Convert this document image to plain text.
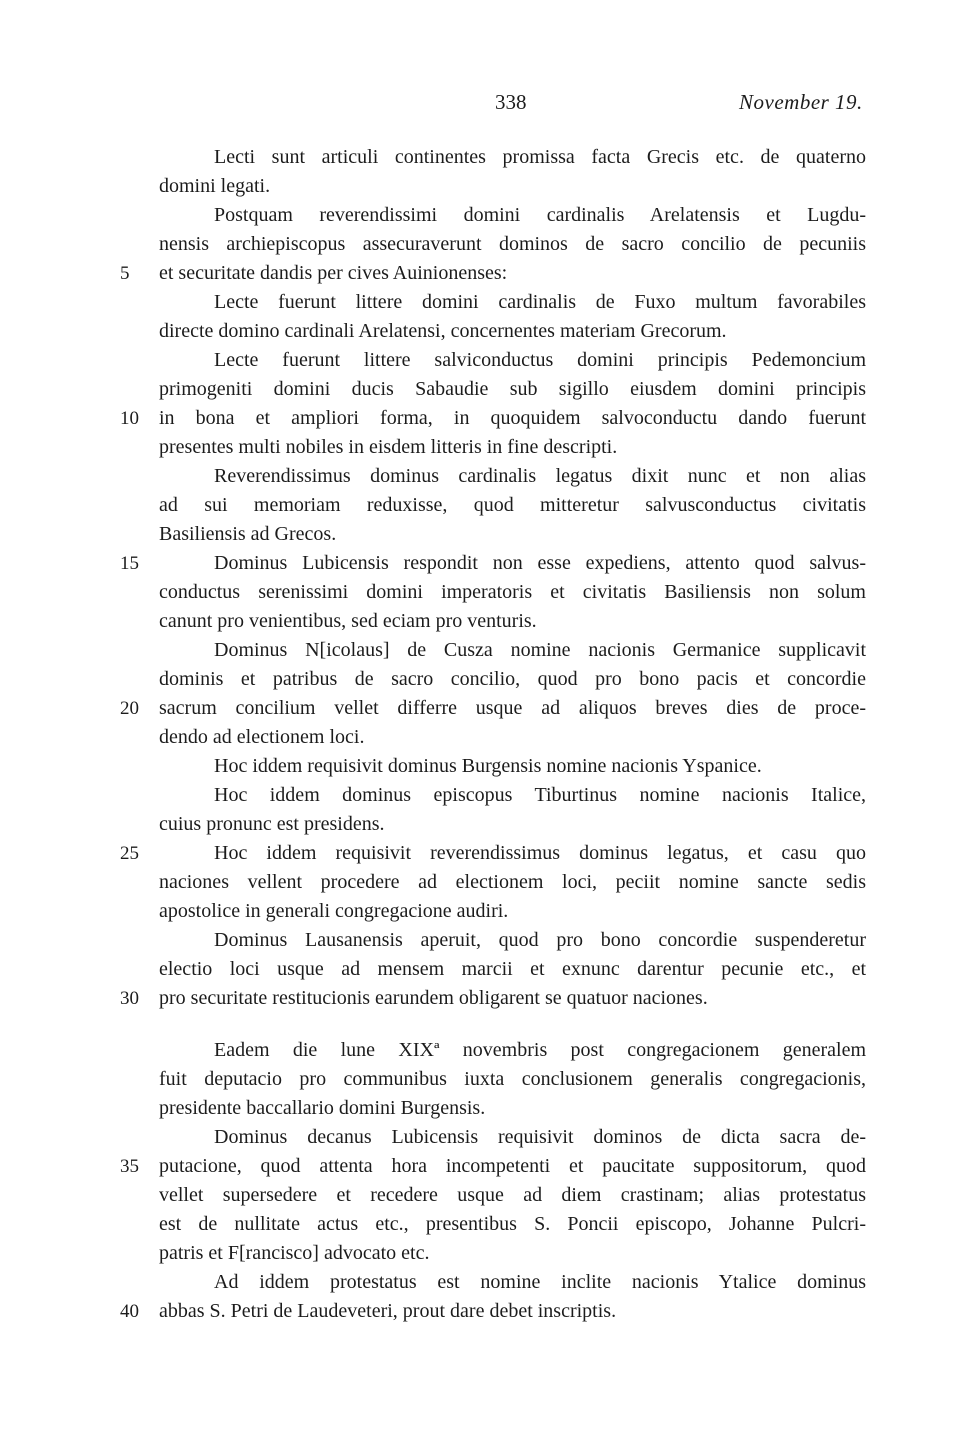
338	November 19.
Lecti sunt articuli continentes promissa facta Grecis etc. de quaterno
domini legati.
Postquam reverendissimi domini cardinalis Arelatensis et Lugdu-
nensis archiepiscopus assecuraverunt dominos de sacro concilio de pecuniis
5	et securitate dandis per cives Auinionenses:
Lecte fuerunt littere domini cardinalis de Fuxo multum favorabiles
directe domino cardinali Arelatensi, concernentes materiam Grecorum.
Lecte fuerunt littere salviconductus domini principis Pedemoncium
primogeniti domini ducis Sabaudie sub sigillo eiusdem domini principis
10	in bona et ampliori forma, in quoquidem salvoconductu dando fuerunt
presentes multi nobiles in eisdem litteris in fine descripti.
Reverendissimus dominus cardinalis legatus dixit nunc et non alias
ad sui memoriam reduxisse, quod mitteretur salvusconductus civitatis
Basiliensis ad Grecos.
15	Dominus Lubicensis respondit non esse expediens, attento quod salvus-
conductus serenissimi domini imperatoris et civitatis Basiliensis non solum
canunt pro venientibus, sed eciam pro venturis.
Dominus N[icolaus] de Cusza nomine nacionis Germanice supplicavit
dominis et patribus de sacro concilio, quod pro bono pacis et concordie
20	sacrum concilium vellet differre usque ad aliquos breves dies de proce-
dendo ad electionem loci.
Hoc iddem requisivit dominus Burgensis nomine nacionis Yspanice.
Hoc iddem dominus episcopus Tiburtinus nomine nacionis Italice,
cuius pronunc est presidens.
25	Hoc iddem requisivit reverendissimus dominus legatus, et casu quo
naciones vellent procedere ad electionem loci, peciit nomine sancte sedis
apostolice in generali congregacione audiri.
Dominus Lausanensis aperuit, quod pro bono concordie suspenderetur
electio loci usque ad mensem marcii et exnunc darentur pecunie etc., et
30	pro securitate restitucionis earundem obligarent se quatuor naciones.
Eadem die lune XIXª novembris post congregacionem generalem
fuit deputacio pro communibus iuxta conclusionem generalis congregacionis,
presidente baccallario domini Burgensis.
Dominus decanus Lubicensis requisivit dominos de dicta sacra de-
35	putacione, quod attenta hora incompetenti et paucitate suppositorum, quod
vellet supersedere et recedere usque ad diem crastinam; alias protestatus
est de nullitate actus etc., presentibus S. Poncii episcopo, Johanne Pulcri-
patris et F[rancisco] advocato etc.
Ad iddem protestatus est nomine inclite nacionis Ytalice dominus
40	abbas S. Petri de Laudeveteri, prout dare debet inscriptis.
